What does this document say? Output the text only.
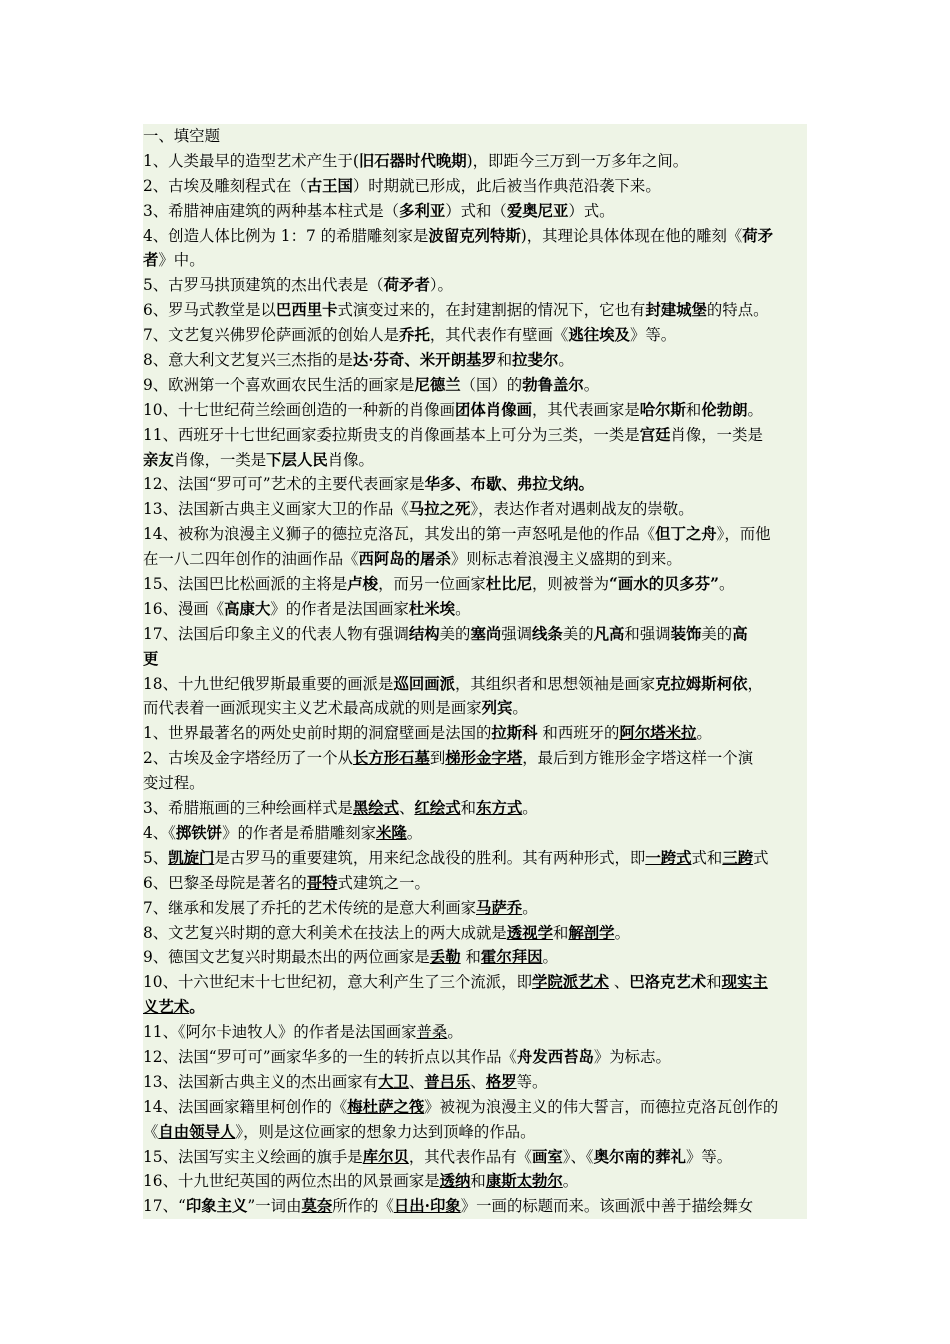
一、填空题
1、人类最早的造型艺术产生于(旧石器时代晚期)，即距今三万到一万多年之间。
2、古埃及雕刻程式在（古王国）时期就已形成，此后被当作典范沿袭下来。
3、希腊神庙建筑的两种基本柱式是（多利亚）式和（爱奥尼亚）式。
4、创造人体比例为 1：7 的希腊雕刻家是波留克列特斯)，其理论具体体现在他的雕刻《荷矛
者》中。
5、古罗马拱顶建筑的杰出代表是（荷矛者）。
6、罗马式教堂是以巴西里卡式演变过来的，在封建割据的情况下，它也有封建城堡的特点。
7、文艺复兴佛罗伦萨画派的创始人是乔托，其代表作有壁画《逃往埃及》等。
8、意大利文艺复兴三杰指的是达·芬奇、米开朗基罗和拉斐尔。
9、欧洲第一个喜欢画农民生活的画家是尼德兰（国）的勃鲁盖尔。
10、十七世纪荷兰绘画创造的一种新的肖像画团体肖像画，其代表画家是哈尔斯和伦勃朗。
11、西班牙十七世纪画家委拉斯贵支的肖像画基本上可分为三类，一类是宫廷肖像，一类是
亲友肖像，一类是下层人民肖像。
12、法国“罗可可”艺术的主要代表画家是华多、布歇、弗拉戈纳。
13、法国新古典主义画家大卫的作品《马拉之死》，表达作者对遇刺战友的崇敬。
14、被称为浪漫主义狮子的德拉克洛瓦，其发出的第一声怒吼是他的作品《但丁之舟》，而他
在一八二四年创作的油画作品《西阿岛的屠杀》则标志着浪漫主义盛期的到来。
15、法国巴比松画派的主将是卢梭，而另一位画家杜比尼，则被誉为“画水的贝多芬”。
16、漫画《高康大》的作者是法国画家杜米埃。
17、法国后印象主义的代表人物有强调结构美的塞尚强调线条美的凡高和强调装饰美的高
更
18、十九世纪俄罗斯最重要的画派是巡回画派，其组织者和思想领袖是画家克拉姆斯柯依，
而代表着一画派现实主义艺术最高成就的则是画家列宾。
1、世界最著名的两处史前时期的洞窟壁画是法国的拉斯科 和西班牙的阿尔塔米拉。
2、古埃及金字塔经历了一个从长方形石墓到梯形金字塔，最后到方锥形金字塔这样一个演
变过程。
3、希腊瓶画的三种绘画样式是黑绘式、红绘式和东方式。
4、《掷铁饼》的作者是希腊雕刻家米隆。
5、凯旋门是古罗马的重要建筑，用来纪念战役的胜利。其有两种形式，即一跨式式和三跨式
6、巴黎圣母院是著名的哥特式建筑之一。
7、继承和发展了乔托的艺术传统的是意大利画家马萨乔。
8、文艺复兴时期的意大利美术在技法上的两大成就是透视学和解剖学。
9、德国文艺复兴时期最杰出的两位画家是丢勒 和霍尔拜因。
10、十六世纪末十七世纪初，意大利产生了三个流派，即学院派艺术 、巴洛克艺术和现实主
义艺术。
11、《阿尔卡迪牧人》的作者是法国画家普桑。
12、法国“罗可可”画家华多的一生的转折点以其作品《舟发西苔岛》为标志。
13、法国新古典主义的杰出画家有大卫、普吕乐、格罗等。
14、法国画家籍里柯创作的《梅杜萨之筏》被视为浪漫主义的伟大誓言，而德拉克洛瓦创作的
《自由领导人》，则是这位画家的想象力达到顶峰的作品。
15、法国写实主义绘画的旗手是库尔贝，其代表作品有《画室》、《奥尔南的葬礼》等。
16、十九世纪英国的两位杰出的风景画家是透纳和康斯太勃尔。
17、“印象主义”一词由莫奈所作的《日出·印象》一画的标题而来。该画派中善于描绘舞女
